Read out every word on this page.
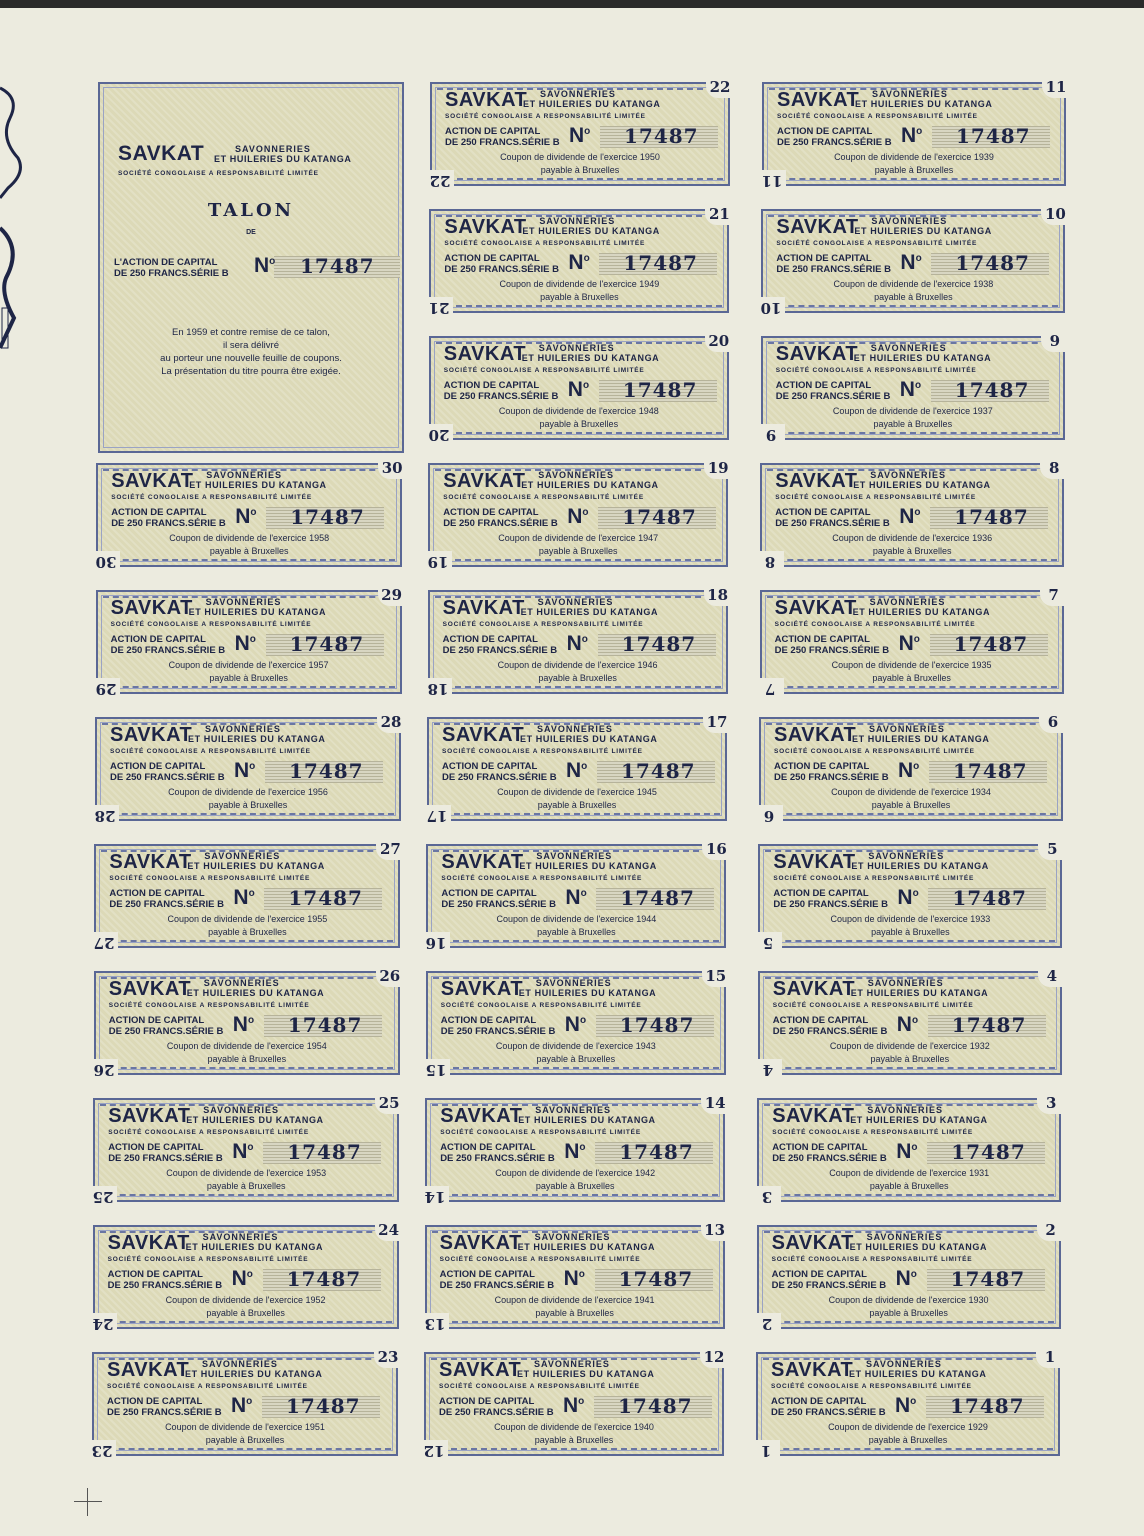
SAVKAT	SAVONNERIES
ET HUILERIES DU KATANGA
SOCIÉTÉ CONGOLAISE A RESPONSABILITÉ LIMITÉE
TALON
DE
L'ACTION DE CAPITAL
DE 250 FRANCS.SÉRIE B $N^o$ 17487
En 1959 et contre remise de ce talon,
il sera délivré
au porteur une nouvelle feuille de coupons.
La présentation du titre pourra être exigée.
SAVKAT SAVONNERIES
ET HUILERIES DU KATANGA
SOCIÉTÉ CONGOLAISE A RESPONSABILITÉ LIMITÉE
ACTION DE CAPITAL
DE 250 FRANCS.SÉRIE B $N^o$ 17487
Coupon de dividende de l'exercice 1958
payable à Bruxelles
30
30
SAVKAT SAVONNERIES
ET HUILERIES DU KATANGA
SOCIÉTÉ CONGOLAISE A RESPONSABILITÉ LIMITÉE
ACTION DE CAPITAL
DE 250 FRANCS.SÉRIE B $N^o$ 17487
Coupon de dividende de l'exercice 1957
payable à Bruxelles
29
29
SAVKAT SAVONNERIES
ET HUILERIES DU KATANGA
SOCIÉTÉ CONGOLAISE A RESPONSABILITÉ LIMITÉE
ACTION DE CAPITAL
DE 250 FRANCS.SÉRIE B $N^o$ 17487
Coupon de dividende de l'exercice 1956
payable à Bruxelles
28
28
SAVKAT SAVONNERIES
ET HUILERIES DU KATANGA
SOCIÉTÉ CONGOLAISE A RESPONSABILITÉ LIMITÉE
ACTION DE CAPITAL
DE 250 FRANCS.SÉRIE B $N^o$ 17487
Coupon de dividende de l'exercice 1955
payable à Bruxelles
27
27
SAVKAT SAVONNERIES
ET HUILERIES DU KATANGA
SOCIÉTÉ CONGOLAISE A RESPONSABILITÉ LIMITÉE
ACTION DE CAPITAL
DE 250 FRANCS.SÉRIE B $N^o$ 17487
Coupon de dividende de l'exercice 1954
payable à Bruxelles
26
26
SAVKAT SAVONNERIES
ET HUILERIES DU KATANGA
SOCIÉTÉ CONGOLAISE A RESPONSABILITÉ LIMITÉE
ACTION DE CAPITAL
DE 250 FRANCS.SÉRIE B $N^o$ 17487
Coupon de dividende de l'exercice 1953
payable à Bruxelles
25
25
SAVKAT SAVONNERIES
ET HUILERIES DU KATANGA
SOCIÉTÉ CONGOLAISE A RESPONSABILITÉ LIMITÉE
ACTION DE CAPITAL
DE 250 FRANCS.SÉRIE B $N^o$ 17487
Coupon de dividende de l'exercice 1952
payable à Bruxelles
24
24
SAVKAT SAVONNERIES
ET HUILERIES DU KATANGA
SOCIÉTÉ CONGOLAISE A RESPONSABILITÉ LIMITÉE
ACTION DE CAPITAL
DE 250 FRANCS.SÉRIE B $N^o$ 17487
Coupon de dividende de l'exercice 1951
payable à Bruxelles
23
23
SAVKAT SAVONNERIES
ET HUILERIES DU KATANGA
SOCIÉTÉ CONGOLAISE A RESPONSABILITÉ LIMITÉE
ACTION DE CAPITAL
DE 250 FRANCS.SÉRIE B $N^o$ 17487
Coupon de dividende de l'exercice 1950
payable à Bruxelles
22
22
SAVKAT SAVONNERIES
ET HUILERIES DU KATANGA
SOCIÉTÉ CONGOLAISE A RESPONSABILITÉ LIMITÉE
ACTION DE CAPITAL
DE 250 FRANCS.SÉRIE B $N^o$ 17487
Coupon de dividende de l'exercice 1949
payable à Bruxelles
21
21
SAVKAT SAVONNERIES
ET HUILERIES DU KATANGA
SOCIÉTÉ CONGOLAISE A RESPONSABILITÉ LIMITÉE
ACTION DE CAPITAL
DE 250 FRANCS.SÉRIE B $N^o$ 17487
Coupon de dividende de l'exercice 1948
payable à Bruxelles
20
20
SAVKAT SAVONNERIES
ET HUILERIES DU KATANGA
SOCIÉTÉ CONGOLAISE A RESPONSABILITÉ LIMITÉE
ACTION DE CAPITAL
DE 250 FRANCS.SÉRIE B $N^o$ 17487
Coupon de dividende de l'exercice 1947
payable à Bruxelles
19
19
SAVKAT SAVONNERIES
ET HUILERIES DU KATANGA
SOCIÉTÉ CONGOLAISE A RESPONSABILITÉ LIMITÉE
ACTION DE CAPITAL
DE 250 FRANCS.SÉRIE B $N^o$ 17487
Coupon de dividende de l'exercice 1946
payable à Bruxelles
18
18
SAVKAT SAVONNERIES
ET HUILERIES DU KATANGA
SOCIÉTÉ CONGOLAISE A RESPONSABILITÉ LIMITÉE
ACTION DE CAPITAL
DE 250 FRANCS.SÉRIE B $N^o$ 17487
Coupon de dividende de l'exercice 1945
payable à Bruxelles
17
17
SAVKAT SAVONNERIES
ET HUILERIES DU KATANGA
SOCIÉTÉ CONGOLAISE A RESPONSABILITÉ LIMITÉE
ACTION DE CAPITAL
DE 250 FRANCS.SÉRIE B $N^o$ 17487
Coupon de dividende de l'exercice 1944
payable à Bruxelles
16
16
SAVKAT SAVONNERIES
ET HUILERIES DU KATANGA
SOCIÉTÉ CONGOLAISE A RESPONSABILITÉ LIMITÉE
ACTION DE CAPITAL
DE 250 FRANCS.SÉRIE B $N^o$ 17487
Coupon de dividende de l'exercice 1943
payable à Bruxelles
15
15
SAVKAT SAVONNERIES
ET HUILERIES DU KATANGA
SOCIÉTÉ CONGOLAISE A RESPONSABILITÉ LIMITÉE
ACTION DE CAPITAL
DE 250 FRANCS.SÉRIE B $N^o$ 17487
Coupon de dividende de l'exercice 1942
payable à Bruxelles
14
14
SAVKAT SAVONNERIES
ET HUILERIES DU KATANGA
SOCIÉTÉ CONGOLAISE A RESPONSABILITÉ LIMITÉE
ACTION DE CAPITAL
DE 250 FRANCS.SÉRIE B $N^o$ 17487
Coupon de dividende de l'exercice 1941
payable à Bruxelles
13
13
SAVKAT SAVONNERIES
ET HUILERIES DU KATANGA
SOCIÉTÉ CONGOLAISE A RESPONSABILITÉ LIMITÉE
ACTION DE CAPITAL
DE 250 FRANCS.SÉRIE B $N^o$ 17487
Coupon de dividende de l'exercice 1940
payable à Bruxelles
12
12
SAVKAT SAVONNERIES
ET HUILERIES DU KATANGA
SOCIÉTÉ CONGOLAISE A RESPONSABILITÉ LIMITÉE
ACTION DE CAPITAL
DE 250 FRANCS.SÉRIE B $N^o$ 17487
Coupon de dividende de l'exercice 1939
payable à Bruxelles
11
11
SAVKAT SAVONNERIES
ET HUILERIES DU KATANGA
SOCIÉTÉ CONGOLAISE A RESPONSABILITÉ LIMITÉE
ACTION DE CAPITAL
DE 250 FRANCS.SÉRIE B $N^o$ 17487
Coupon de dividende de l'exercice 1938
payable à Bruxelles
10
10
SAVKAT SAVONNERIES
ET HUILERIES DU KATANGA
SOCIÉTÉ CONGOLAISE A RESPONSABILITÉ LIMITÉE
ACTION DE CAPITAL
DE 250 FRANCS.SÉRIE B $N^o$ 17487
Coupon de dividende de l'exercice 1937
payable à Bruxelles
9
9
SAVKAT SAVONNERIES
ET HUILERIES DU KATANGA
SOCIÉTÉ CONGOLAISE A RESPONSABILITÉ LIMITÉE
ACTION DE CAPITAL
DE 250 FRANCS.SÉRIE B $N^o$ 17487
Coupon de dividende de l'exercice 1936
payable à Bruxelles
8
8
SAVKAT SAVONNERIES
ET HUILERIES DU KATANGA
SOCIÉTÉ CONGOLAISE A RESPONSABILITÉ LIMITÉE
ACTION DE CAPITAL
DE 250 FRANCS.SÉRIE B $N^o$ 17487
Coupon de dividende de l'exercice 1935
payable à Bruxelles
7
7
SAVKAT SAVONNERIES
ET HUILERIES DU KATANGA
SOCIÉTÉ CONGOLAISE A RESPONSABILITÉ LIMITÉE
ACTION DE CAPITAL
DE 250 FRANCS.SÉRIE B $N^o$ 17487
Coupon de dividende de l'exercice 1934
payable à Bruxelles
6
6
SAVKAT SAVONNERIES
ET HUILERIES DU KATANGA
SOCIÉTÉ CONGOLAISE A RESPONSABILITÉ LIMITÉE
ACTION DE CAPITAL
DE 250 FRANCS.SÉRIE B $N^o$ 17487
Coupon de dividende de l'exercice 1933
payable à Bruxelles
5
5
SAVKAT SAVONNERIES
ET HUILERIES DU KATANGA
SOCIÉTÉ CONGOLAISE A RESPONSABILITÉ LIMITÉE
ACTION DE CAPITAL
DE 250 FRANCS.SÉRIE B $N^o$ 17487
Coupon de dividende de l'exercice 1932
payable à Bruxelles
4
4
SAVKAT SAVONNERIES
ET HUILERIES DU KATANGA
SOCIÉTÉ CONGOLAISE A RESPONSABILITÉ LIMITÉE
ACTION DE CAPITAL
DE 250 FRANCS.SÉRIE B $N^o$ 17487
Coupon de dividende de l'exercice 1931
payable à Bruxelles
3
3
SAVKAT SAVONNERIES
ET HUILERIES DU KATANGA
SOCIÉTÉ CONGOLAISE A RESPONSABILITÉ LIMITÉE
ACTION DE CAPITAL
DE 250 FRANCS.SÉRIE B $N^o$ 17487
Coupon de dividende de l'exercice 1930
payable à Bruxelles
2
2
SAVKAT SAVONNERIES
ET HUILERIES DU KATANGA
SOCIÉTÉ CONGOLAISE A RESPONSABILITÉ LIMITÉE
ACTION DE CAPITAL
DE 250 FRANCS.SÉRIE B $N^o$ 17487
Coupon de dividende de l'exercice 1929
payable à Bruxelles
1
1
